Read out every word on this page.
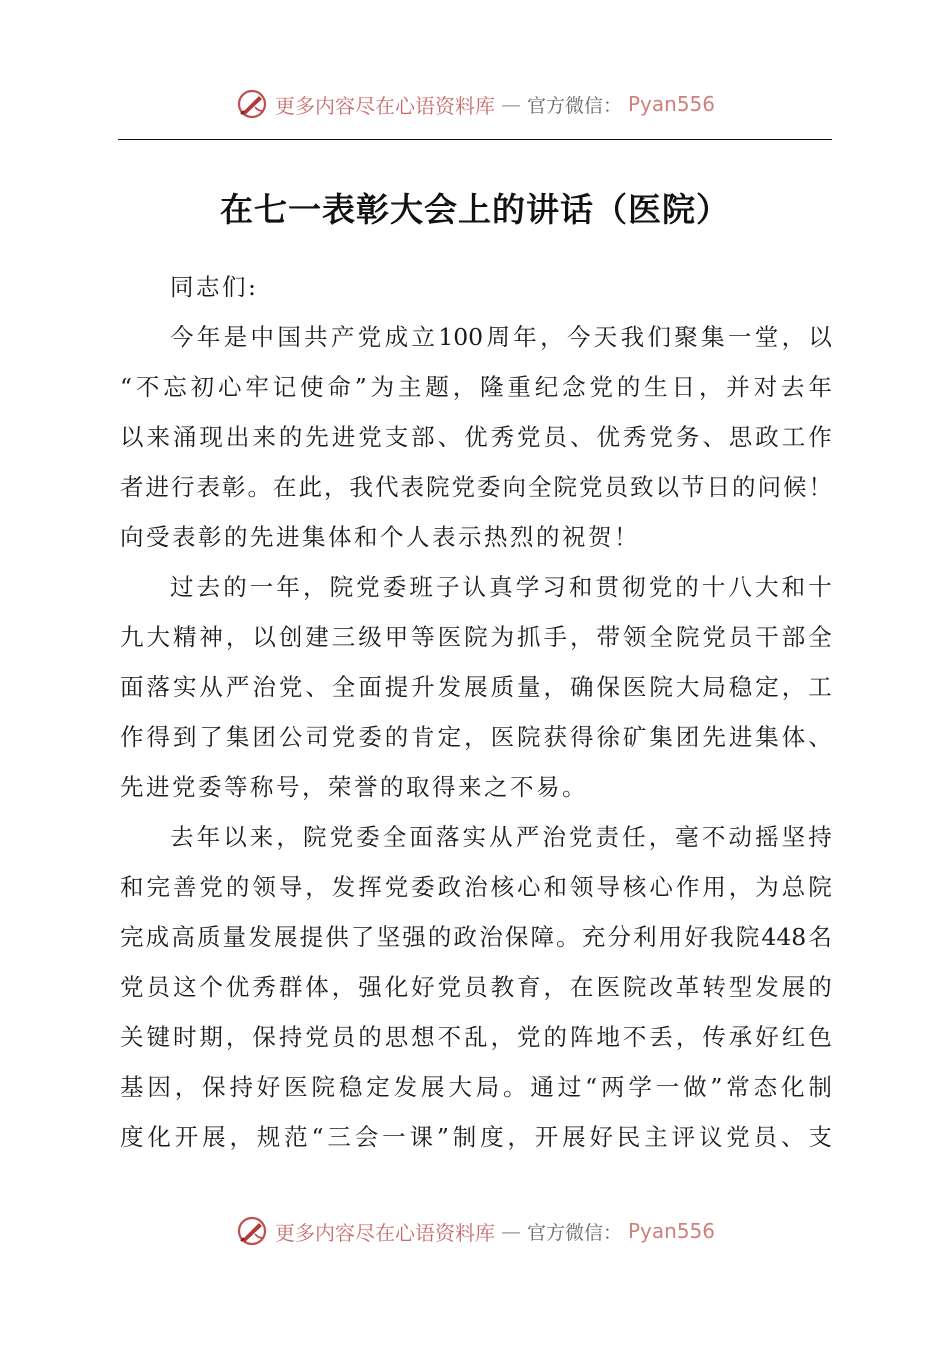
更多内容尽在心语资料库 — 官方微信： Pyan556
在七一表彰大会上的讲话（医院）
同志们:
今 年 是 中 国 共 产 党 成 立 100 周 年 ， 今 天 我 们 聚 集 一 堂 ， 以
“ 不 忘 初 心 牢 记 使 命 ” 为 主 题 ， 隆 重 纪 念 党 的 生 日 ， 并 对 去 年
以 来 涌 现 出 来 的 先 进 党 支 部 、 优 秀 党 员 、 优 秀 党 务 、 思 政 工 作
者 进 行 表 彰 。 在 此 ， 我 代 表 院 党 委 向 全 院 党 员 致 以 节 日 的 问 候 ！
向受表彰的先进集体和个人表示热烈的祝贺！
过 去 的 一 年 ， 院 党 委 班 子 认 真 学 习 和 贯 彻 党 的 十 八 大 和 十
九 大 精 神 ， 以 创 建 三 级 甲 等 医 院 为 抓 手 ， 带 领 全 院 党 员 干 部 全
面 落 实 从 严 治 党 、 全 面 提 升 发 展 质 量 ， 确 保 医 院 大 局 稳 定 ， 工
作 得 到 了 集 团 公 司 党 委 的 肯 定 ， 医 院 获 得 徐 矿 集 团 先 进 集 体 、
先进党委等称号，荣誉的取得来之不易。
去 年 以 来 ， 院 党 委 全 面 落 实 从 严 治 党 责 任 ， 毫 不 动 摇 坚 持
和 完 善 党 的 领 导 ， 发 挥 党 委 政 治 核 心 和 领 导 核 心 作 用 ， 为 总 院
完 成 高 质 量 发 展 提 供 了 坚 强 的 政 治 保 障 。 充 分 利 用 好 我 院 448 名
党 员 这 个 优 秀 群 体 ， 强 化 好 党 员 教 育 ， 在 医 院 改 革 转 型 发 展 的
关 键 时 期 ， 保 持 党 员 的 思 想 不 乱 ， 党 的 阵 地 不 丢 ， 传 承 好 红 色
基 因 ， 保 持 好 医 院 稳 定 发 展 大 局 。 通 过 “ 两 学 一 做 ” 常 态 化 制
度 化 开 展 ， 规 范 “ 三 会 一 课 ” 制 度 ， 开 展 好 民 主 评 议 党 员 、 支
更多内容尽在心语资料库 — 官方微信： Pyan556
